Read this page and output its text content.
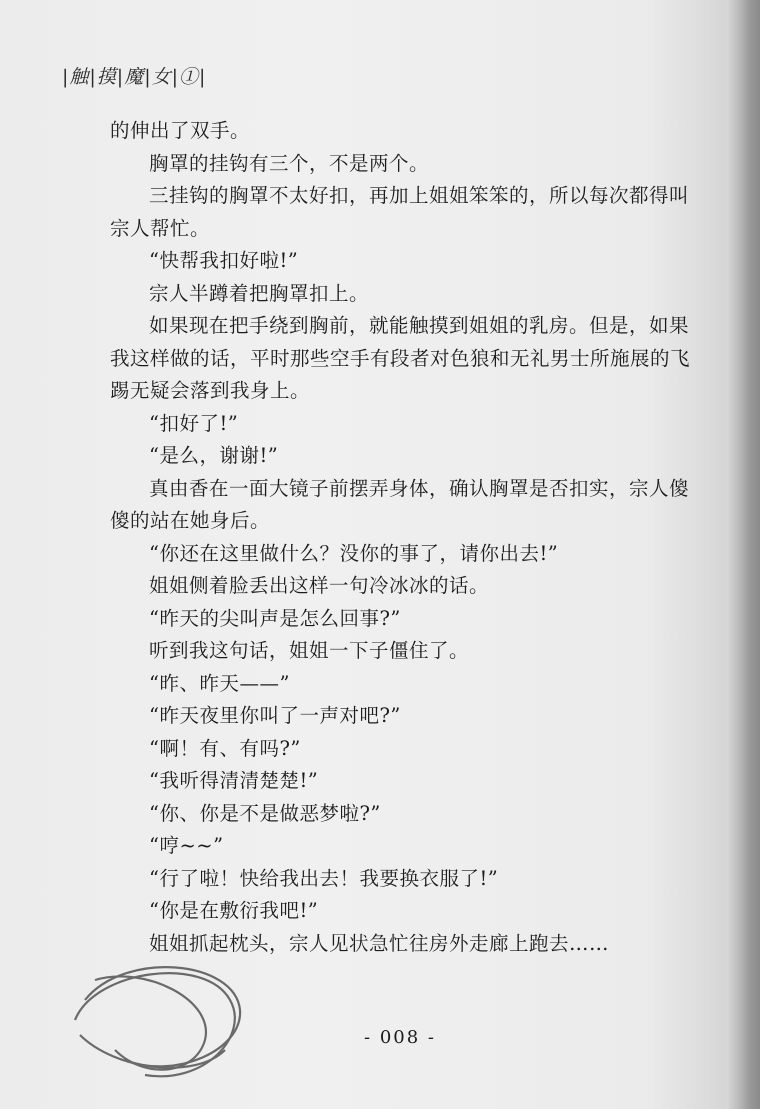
|触|摸|魔|女|①|

的伸出了双手。

胸罩的挂钩有三个，不是两个。

三挂钩的胸罩不太好扣，再加上姐姐笨笨的，所以每次都得叫宗人帮忙。

“快帮我扣好啦!”

宗人半蹲着把胸罩扣上。

如果现在把手绕到胸前，就能触摸到姐姐的乳房。但是，如果我这样做的话，平时那些空手有段者对色狼和无礼男士所施展的飞踢无疑会落到我身上。

“扣好了!”

“是么，谢谢!”

真由香在一面大镜子前摆弄身体，确认胸罩是否扣实，宗人傻傻的站在她身后。

“你还在这里做什么？没你的事了，请你出去!”

姐姐侧着脸丢出这样一句冷冰冰的话。

“昨天的尖叫声是怎么回事?”

听到我这句话，姐姐一下子僵住了。

“昨、昨天——”

“昨天夜里你叫了一声对吧?”

“啊！有、有吗?”

“我听得清清楚楚!”

“你、你是不是做恶梦啦?”

“哼~~”

“行了啦！快给我出去！我要换衣服了!”

“你是在敷衍我吧!”

姐姐抓起枕头，宗人见状急忙往房外走廊上跑去……

- 008 -
